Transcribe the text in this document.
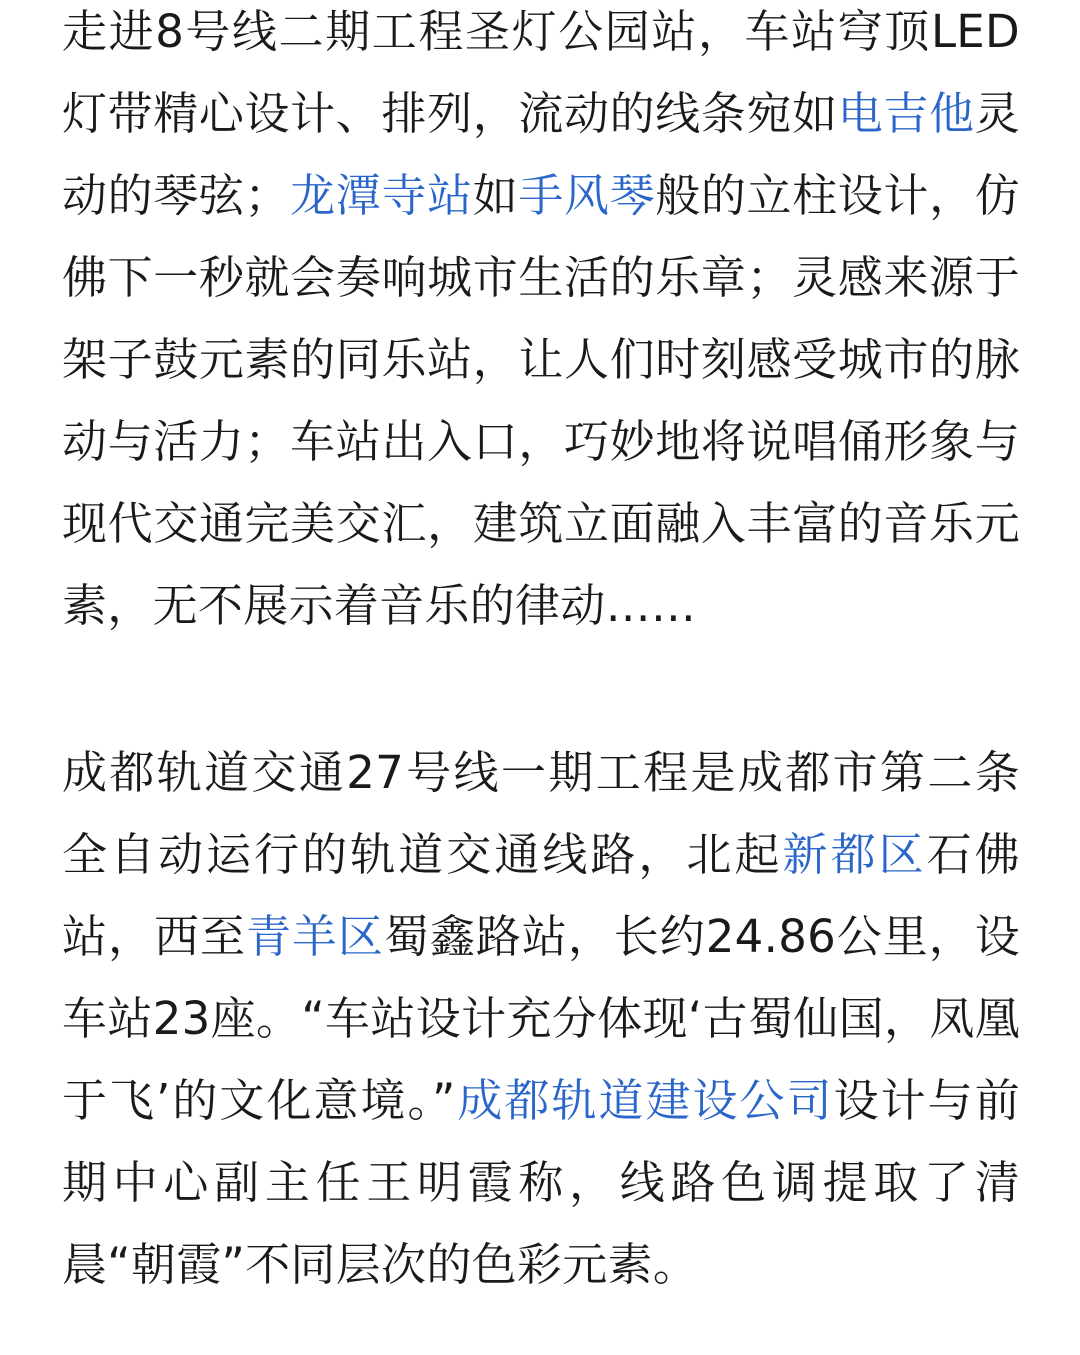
走进8号线二期工程圣灯公园站，车站穹顶LED灯带精心设计、排列，流动的线条宛如电吉他灵动的琴弦；龙潭寺站如手风琴般的立柱设计，仿佛下一秒就会奏响城市生活的乐章；灵感来源于架子鼓元素的同乐站，让人们时刻感受城市的脉动与活力；车站出入口，巧妙地将说唱俑形象与现代交通完美交汇，建筑立面融入丰富的音乐元素，无不展示着音乐的律动……

成都轨道交通27号线一期工程是成都市第二条全自动运行的轨道交通线路，北起新都区石佛站，西至青羊区蜀鑫路站，长约24.86公里，设车站23座。“车站设计充分体现‘古蜀仙国，凤凰于飞’的文化意境。”成都轨道建设公司设计与前期中心副主任王明霞称，线路色调提取了清晨“朝霞”不同层次的色彩元素。
